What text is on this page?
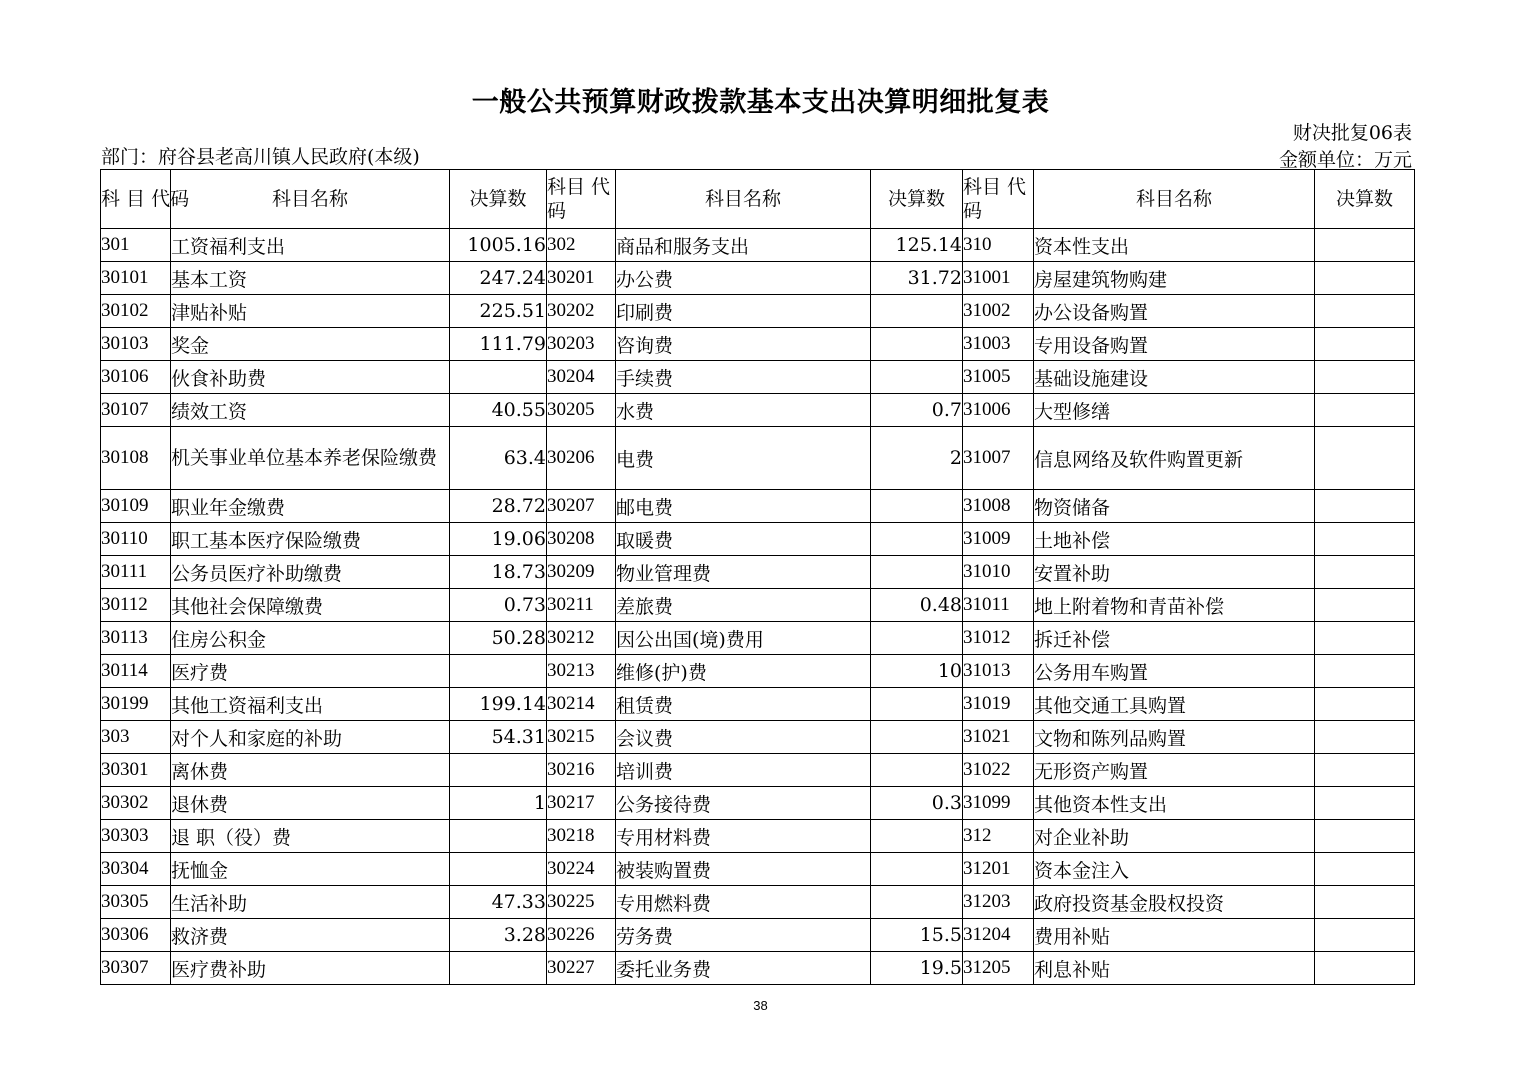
一般公共预算财政拨款基本支出决算明细批复表
财决批复06表
部门：府谷县老高川镇人民政府(本级)	金额单位：万元
科 目 代码	科目名称	决算数	科目 代码	科目名称	决算数	科目 代码	科目名称	决算数
301	工资福利支出	1005.16	302	商品和服务支出	125.14	310	资本性支出	
30101	基本工资	247.24	30201	办公费	31.72	31001	房屋建筑物购建	
30102	津贴补贴	225.51	30202	印刷费		31002	办公设备购置	
30103	奖金	111.79	30203	咨询费		31003	专用设备购置	
30106	伙食补助费		30204	手续费		31005	基础设施建设	
30107	绩效工资	40.55	30205	水费	0.7	31006	大型修缮	
30108	机关事业单位基本养老保险缴费	63.4	30206	电费	2	31007	信息网络及软件购置更新	
30109	职业年金缴费	28.72	30207	邮电费		31008	物资储备	
30110	职工基本医疗保险缴费	19.06	30208	取暖费		31009	土地补偿	
30111	公务员医疗补助缴费	18.73	30209	物业管理费		31010	安置补助	
30112	其他社会保障缴费	0.73	30211	差旅费	0.48	31011	地上附着物和青苗补偿	
30113	住房公积金	50.28	30212	因公出国(境)费用		31012	拆迁补偿	
30114	医疗费		30213	维修(护)费	10	31013	公务用车购置	
30199	其他工资福利支出	199.14	30214	租赁费		31019	其他交通工具购置	
303	对个人和家庭的补助	54.31	30215	会议费		31021	文物和陈列品购置	
30301	离休费		30216	培训费		31022	无形资产购置	
30302	退休费	1	30217	公务接待费	0.3	31099	其他资本性支出	
30303	退 职（役）费		30218	专用材料费		312	对企业补助	
30304	抚恤金		30224	被装购置费		31201	资本金注入	
30305	生活补助	47.33	30225	专用燃料费		31203	政府投资基金股权投资	
30306	救济费	3.28	30226	劳务费	15.5	31204	费用补贴	
30307	医疗费补助		30227	委托业务费	19.5	31205	利息补贴	
38
